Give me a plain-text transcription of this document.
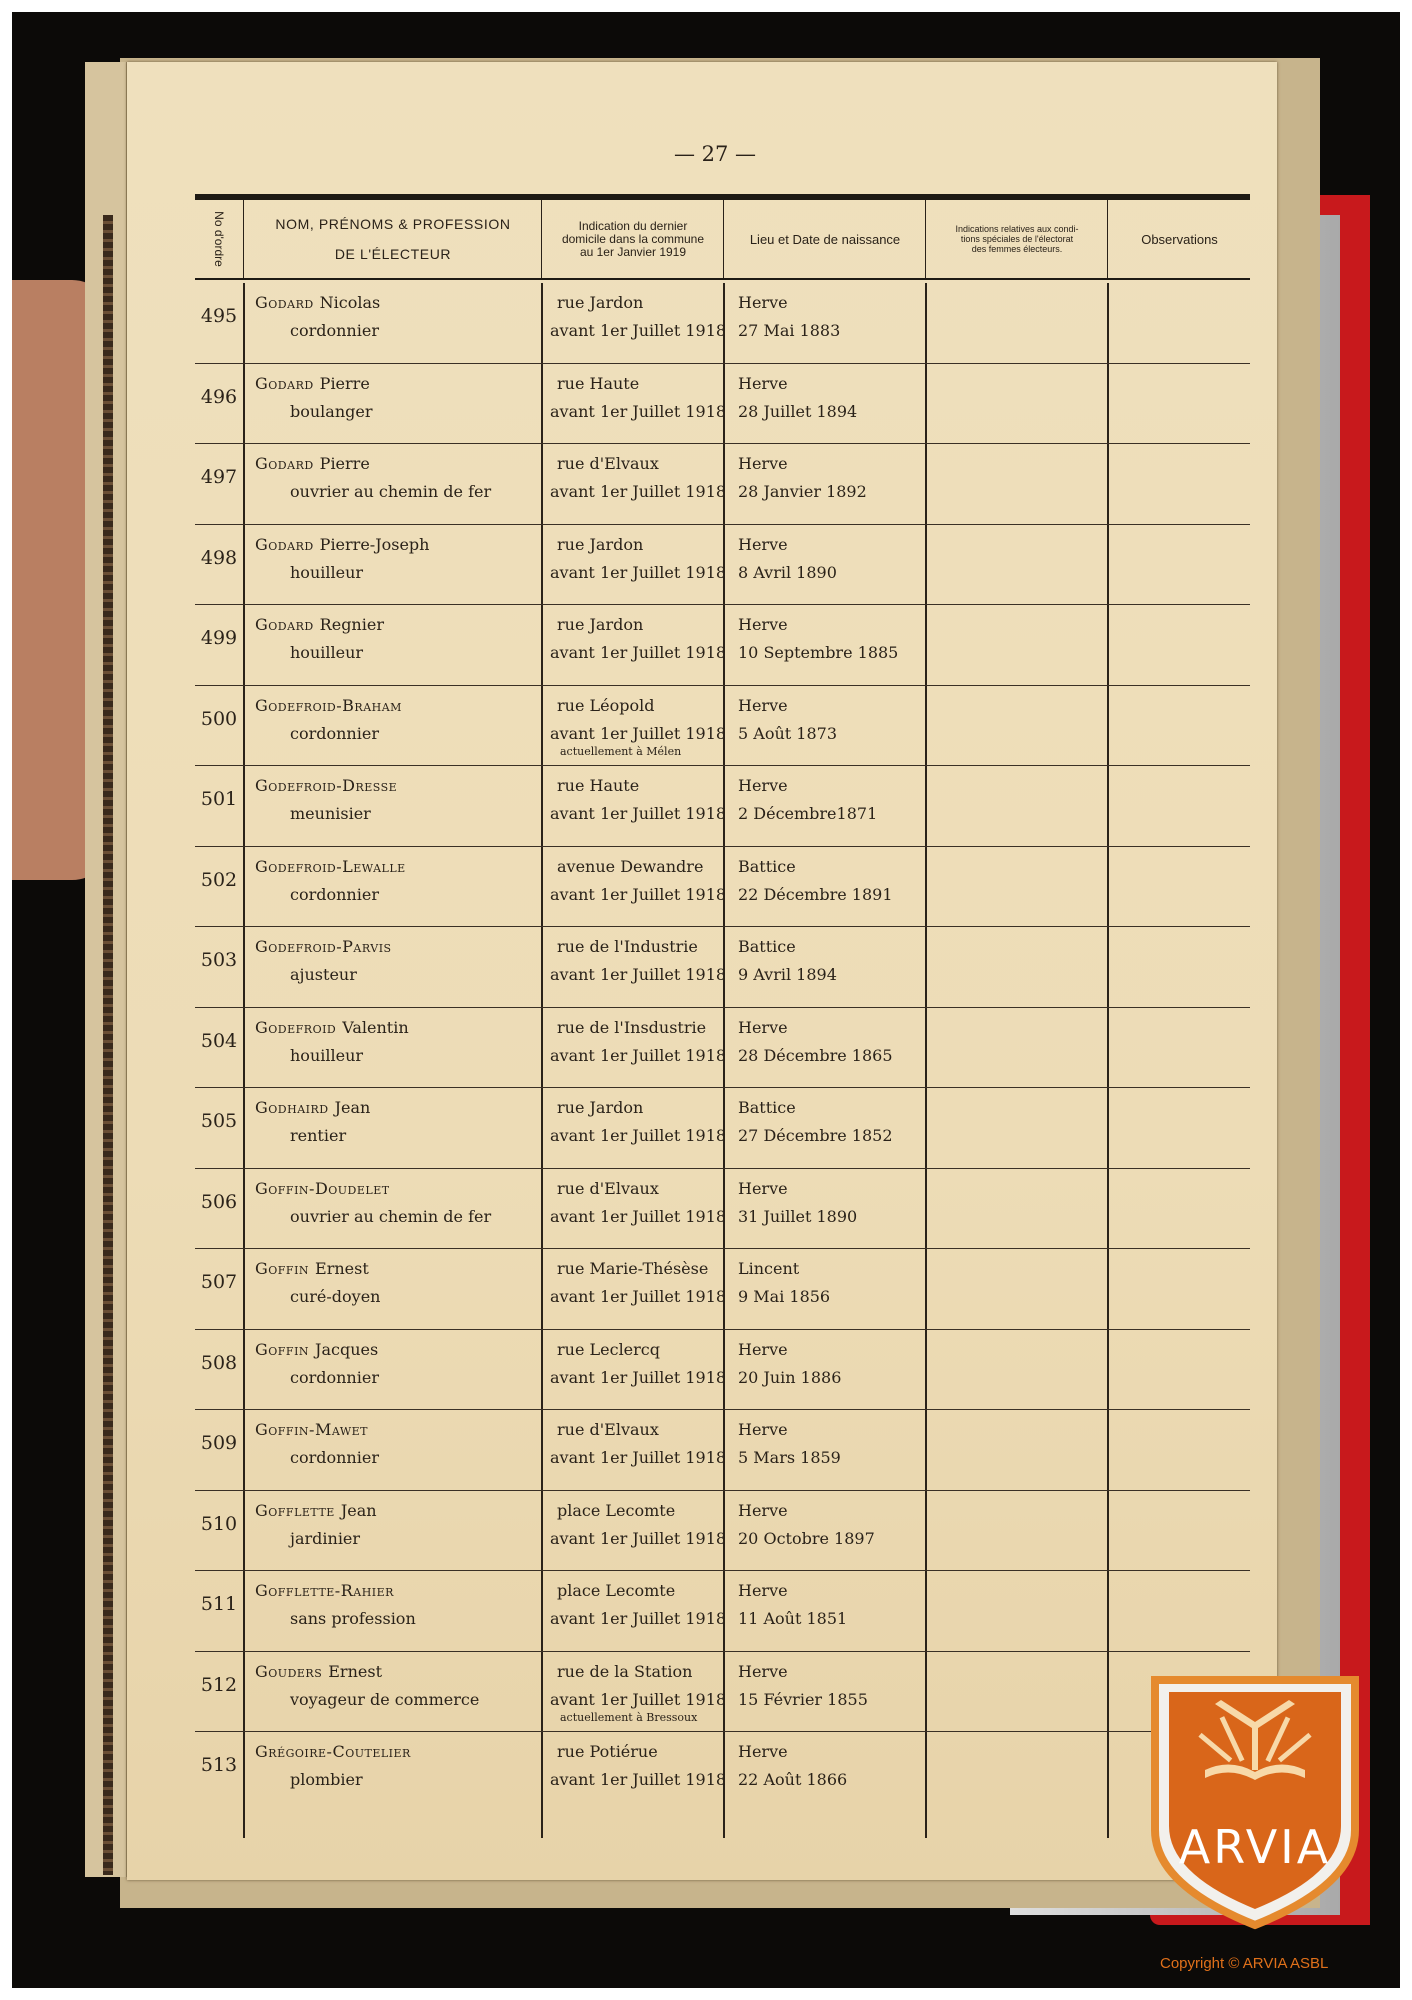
— 27 —
No d'ordre	NOM, PRÉNOMS & PROFESSION
DE L'ÉLECTEUR
Indication du dernier
domicile dans la commune
au 1er Janvier 1919
Lieu et Date de naissance
Indications relatives aux condi-
tions spéciales de l'électorat
des femmes électeurs.
Observations
495
Godard Nicolas
cordonnier
rue Jardon
avant 1er Juillet 1918
Herve
27 Mai 1883
496
Godard Pierre
boulanger
rue Haute
avant 1er Juillet 1918
Herve
28 Juillet 1894
497
Godard Pierre
ouvrier au chemin de fer
rue d'Elvaux
avant 1er Juillet 1918
Herve
28 Janvier 1892
498
Godard Pierre-Joseph
houilleur
rue Jardon
avant 1er Juillet 1918
Herve
8 Avril 1890
499
Godard Regnier
houilleur
rue Jardon
avant 1er Juillet 1918
Herve
10 Septembre 1885
500
Godefroid-Braham
cordonnier
rue Léopold
avant 1er Juillet 1918
actuellement à Mélen
Herve
5 Août 1873
501
Godefroid-Dresse
meunisier
rue Haute
avant 1er Juillet 1918
Herve
2 Décembre1871
502
Godefroid-Lewalle
cordonnier
avenue Dewandre
avant 1er Juillet 1918
Battice
22 Décembre 1891
503
Godefroid-Parvis
ajusteur
rue de l'Industrie
avant 1er Juillet 1918
Battice
9 Avril 1894
504
Godefroid Valentin
houilleur
rue de l'Insdustrie
avant 1er Juillet 1918
Herve
28 Décembre 1865
505
Godhaird Jean
rentier
rue Jardon
avant 1er Juillet 1918
Battice
27 Décembre 1852
506
Goffin-Doudelet
ouvrier au chemin de fer
rue d'Elvaux
avant 1er Juillet 1918
Herve
31 Juillet 1890
507
Goffin Ernest
curé-doyen
rue Marie-Thésèse
avant 1er Juillet 1918
Lincent
9 Mai 1856
508
Goffin Jacques
cordonnier
rue Leclercq
avant 1er Juillet 1918
Herve
20 Juin 1886
509
Goffin-Mawet
cordonnier
rue d'Elvaux
avant 1er Juillet 1918
Herve
5 Mars 1859
510
Gofflette Jean
jardinier
place Lecomte
avant 1er Juillet 1918
Herve
20 Octobre 1897
511
Gofflette-Rahier
sans profession
place Lecomte
avant 1er Juillet 1918
Herve
11 Août 1851
512
Gouders Ernest
voyageur de commerce
rue de la Station
avant 1er Juillet 1918
actuellement à Bressoux
Herve
15 Février 1855
513
Grégoire-Coutelier
plombier
rue Potiérue
avant 1er Juillet 1918
Herve
22 Août 1866
ARVIA
Copyright © ARVIA ASBL
